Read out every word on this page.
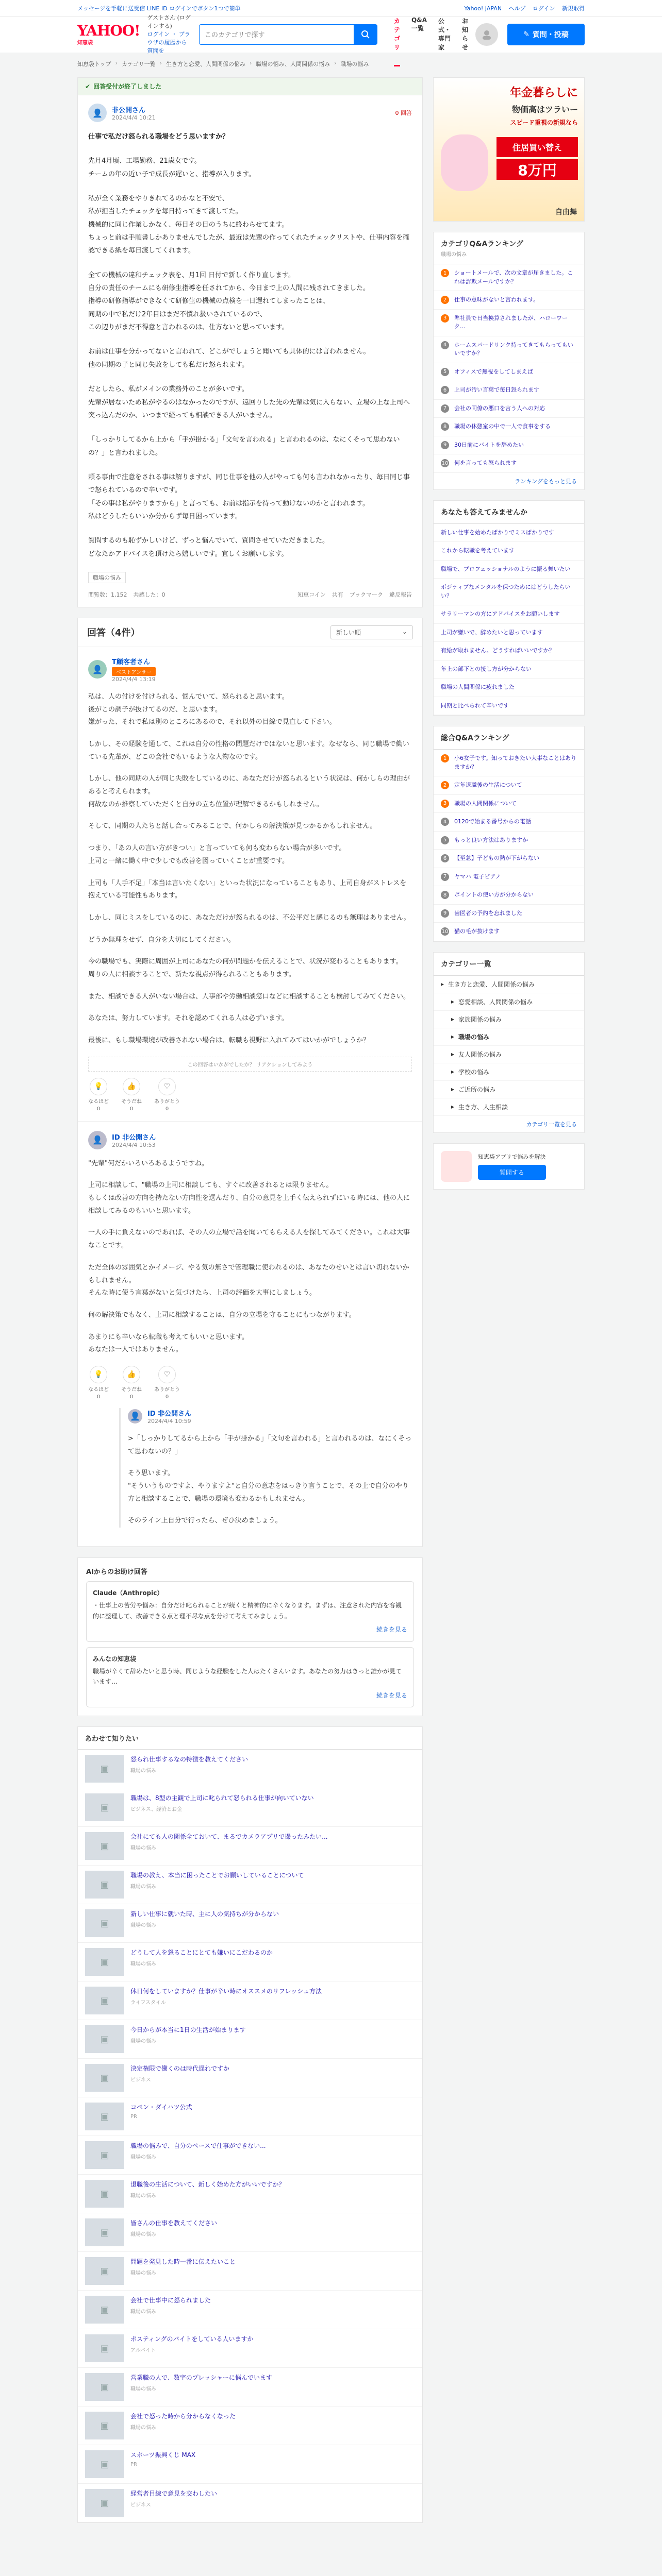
メッセージを手軽に送受信 LINE ID ログインでボタン1つで簡単	Yahoo! JAPAN ヘルプ ログイン 新規取得
YAHOO!
知恵袋
ゲストさん (ログインする)
ログイン ・ ブラウザの履歴から質問を
このカテゴリで探す
カテゴリ
Q&A一覧
公式・専門家
お知らせ
✎ 質問・投稿
知恵袋トップ › カテゴリ一覧 › 生き方と恋愛、人間関係の悩み › 職場の悩み、人間関係の悩み › 職場の悩み
✔ 回答受付が終了しました
👤	非公開さん
2024/4/4 10:21
0 回答

仕事で私だけ怒られる職場をどう思いますか？

先月4月頃、工場勤務、21歳女です。
チームの年の近い子で成長が遅いと、指導が入ります。

私が全く業務をやりきれてるのかなと不安で、
私が担当したチェックを毎日持ってきて渡してた。
機械的に同じ作業しかなく、毎日その日のうちに終わらせてます。
ちょっと前は手順書しかありませんでしたが、最近は先輩の作ってくれたチェックリストや、仕事内容を確認できる紙を毎日渡してくれます。

全ての機械の違和チェック表を、月1回 日付で新しく作り直します。
自分の責任のチームにも研修生指導を任されてから、今日まで上の人間に残されてきました。
指導の研修指導ができなくて研修生の機械の点検を一日遅れてしまったことは、
同期の中で私だけ2年目はまだ不慣れ扱いされているので、
この辺りがまだ不得意と言われるのは、仕方ないと思っています。

お前は仕事を分かってないと言われて、どこがでしょうと聞いても具体的には言われません。
他の同期の子と同じ失敗をしても私だけ怒られます。

だとしたら、私がメインの業務外のことが多いです。
先輩が居ないため私がやるのはなかったのですが、遠回りした先の先輩は気に入らない、立場の上な上司へ突っ込んだのか、いつまで経っても相談できる人がいません。

「しっかりしてるから上から「手が掛かる」「文句を言われる」と言われるのは、なにくそって思わないの？」と言われました。

頼る事由で注意をされる事は解りますが、同じ仕事を他の人がやっても何も言われなかったり、毎日同じ事で怒られているので辛いです。
「その事は私がやりますから」と言っても、お前は指示を待って動けないのかと言われます。
私はどうしたらいいか分からず毎日困っています。

質問するのも恥ずかしいけど、ずっと悩んでいて、質問させていただきました。
どなたかアドバイスを頂けたら嬉しいです。宜しくお願いします。

職場の悩み
閲覧数：1,152 共感した：0	知恵コイン 共有 ブックマーク 違反報告
回答（4件）	新しい順	⌄
👤
T顧客者さん
ベストアンサー
2024/4/4 13:19

私は、人の付けを付けられる、悩んでいて、怒られると思います。
後がこの調子が抜けてるのだ、と思います。
嫌がった、それで私は別のところにあるので、それ以外の目線で見直して下さい。

しかし、その経験を通して、これは自分の性格の問題だけではないと思います。なぜなら、同じ職場で働いている先輩が、どこの会社でもいるような人物なのです。

しかし、他の同期の人が同じ失敗をしているのに、あなただけが怒られるという状況は、何かしらの理由があると考えられます。
何故なのか推察していただくと自分の立ち位置が理解できるかもしれません。

そして、同期の人たちと話し合ってみることで、何かしらの解決策が見つかるかもしれません。

つまり、「あの人の言い方がきつい」と言っていても何も変わらない場合が多いです。
上司と一緒に働く中で少しでも改善を図っていくことが重要です。

上司も「人手不足」「本当は言いたくない」といった状況になっていることもあり、上司自身がストレスを抱えている可能性もあります。

しかし、同じミスをしているのに、あなただけが怒られるのは、不公平だと感じるのも無理はありません。

どうか無理をせず、自分を大切にしてください。

今の職場でも、実際に周囲が上司にあなたの何が問題かを伝えることで、状況が変わることもあります。
周りの人に相談することで、新たな視点が得られることもあります。

また、相談できる人がいない場合は、人事部や労働相談窓口などに相談することも検討してみてください。

あなたは、努力しています。それを認めてくれる人は必ずいます。

最後に、もし職場環境が改善されない場合は、転職も視野に入れてみてはいかがでしょうか？

この回答はいかがでしたか？ リアクションしてみよう
💡
なるほど
0
👍
そうだね
0
♡
ありがとう
0
👤	ID 非公開さん
2024/4/4 10:53

"先輩"何だかいろいろあるようですね。

上司に相談して、"職場の上司に相談しても、すぐに改善されるとは限りません。
もしくは改善の方向を持たない方向性を選んだり、自分の意見を上手く伝えられずにいる時には、他の人に相談してみるのもいいと思います。

一人の手に負えないのであれば、その人の立場で話を聞いてもらえる人を探してみてください。これは大事なことです。

ただ全体の雰囲気とかイメージ、やる気の無さで管理職に使われるのは、あなたのせいとは言い切れないかもしれません。
そんな時に使う言葉がないと気づけたら、上司の評価を大事にしましょう。

何の解決策でもなく、上司に相談することは、自分の立場を守ることにもつながります。

あまりにも辛いなら転職も考えてもいいと思います。
あなたは一人ではありません。

💡
なるほど
0
👍
そうだね
0
♡
ありがとう
0
👤	ID 非公開さん
2024/4/4 10:59

>「しっかりしてるから上から「手が掛かる」「文句を言われる」と言われるのは、なにくそって思わないの？」

そう思います。
"そういうものですよ、やりますよ"と自分の意志をはっきり言うことで、その上で自分のやり方と相談することで、職場の環境も変わるかもしれません。

そのライン上自分で行ったら、ぜひ決めましょう。

AIからのお助け回答
Claude（Anthropic）
・仕事上の苦労や悩み：自分だけ叱られることが続くと精神的に辛くなります。まずは、注意された内容を客観的に整理して、改善できる点と理不尽な点を分けて考えてみましょう。
続きを見る
みんなの知恵袋
職場が辛くて辞めたいと思う時、同じような経験をした人はたくさんいます。あなたの努力はきっと誰かが見ています…
続きを見る
あわせて知りたい
▣
怒られ仕事するなの特徴を教えてください
職場の悩み
▣
職場は、8型の主観で上司に叱られて怒られる仕事が向いていない
ビジネス、経済とお金
▣
会社にても人の関係全ておいて、まるでカメラアプリで撮ったみたい...
職場の悩み
▣
職場の教え、本当に困ったことでお願いしていることについて
職場の悩み
▣
新しい仕事に就いた時、主に人の気持ちが分からない
職場の悩み
▣
どうして人を怒ることにとても嫌いにこだわるのか
職場の悩み
▣
休日何をしていますか？仕事が辛い時にオススメのリフレッシュ方法
ライフスタイル
▣
今日からが本当に1日の生活が始まります
職場の悩み
▣
決定権限で働くのは時代遅れですか
ビジネス
▣
コペン・ダイハツ公式
PR
▣
職場の悩みで、自分のペースで仕事ができない...
職場の悩み
▣
退職後の生活について、新しく始めた方がいいですか？
職場の悩み
▣
皆さんの仕事を教えてください
職場の悩み
▣
問題を発見した時一番に伝えたいこと
職場の悩み
▣
会社で仕事中に怒られました
職場の悩み
▣
ポスティングのバイトをしている人いますか
アルバイト
▣
営業職の人で、数字のプレッシャーに悩んでいます
職場の悩み
▣
会社で怒った時から分からなくなった
職場の悩み
▣
スポーツ振興くじ MAX
PR
▣
経営者目線で意見を交わしたい
ビジネス
年金暮らしに
物価高はツラいー
スピード重視の新規なら
住居買い替え
8万円
自由舞
カテゴリQ&Aランキング
職場の悩み
1	ショートメールで、次の文章が届きました。これは詐欺メールですか？
2	仕事の意味がないと言われます。
3	準社員で日当換算されましたが、ハローワーク...
4	ホームスパードリンク持ってきてもらってもいいですか？
5	オフィスで無視をしてしまえば
6	上司が汚い言葉で毎日怒られます
7	会社の同僚の悪口を言う人への対応
8	職場の休憩室の中で一人で食事をする
9	30日前にバイトを辞めたい
10 何を言っても怒られます
ランキングをもっと見る
あなたも答えてみませんか
新しい仕事を始めたばかりでミスばかりです
これから転職を考えています
職場で、プロフェッショナルのように振る舞いたい
ポジティブなメンタルを保つためにはどうしたらいい？
サラリーマンの方にアドバイスをお願いします
上司が嫌いで、辞めたいと思っています
有給が取れません。どうすればいいですか？
年上の部下との接し方が分からない
職場の人間関係に疲れました
同期と比べられて辛いです
総合Q&Aランキング
1	小6女子です。知っておきたい大事なことはありますか？
2	定年退職後の生活について
3	職場の人間関係について
4	0120で始まる番号からの電話
5	もっと良い方法はありますか
6	【至急】子どもの熱が下がらない
7	ヤマハ 電子ピアノ
8	ポイントの使い方が分からない
9	歯医者の予約を忘れました
10 猫の毛が抜けます
カテゴリー一覧
▸ 生き方と恋愛、人間関係の悩み
▸ 恋愛相談、人間関係の悩み
▸ 家族関係の悩み
▸ 職場の悩み
▸ 友人関係の悩み
▸ 学校の悩み
▸ ご近所の悩み
▸ 生き方、人生相談
カテゴリ一覧を見る
知恵袋アプリで悩みを解決
質問する
